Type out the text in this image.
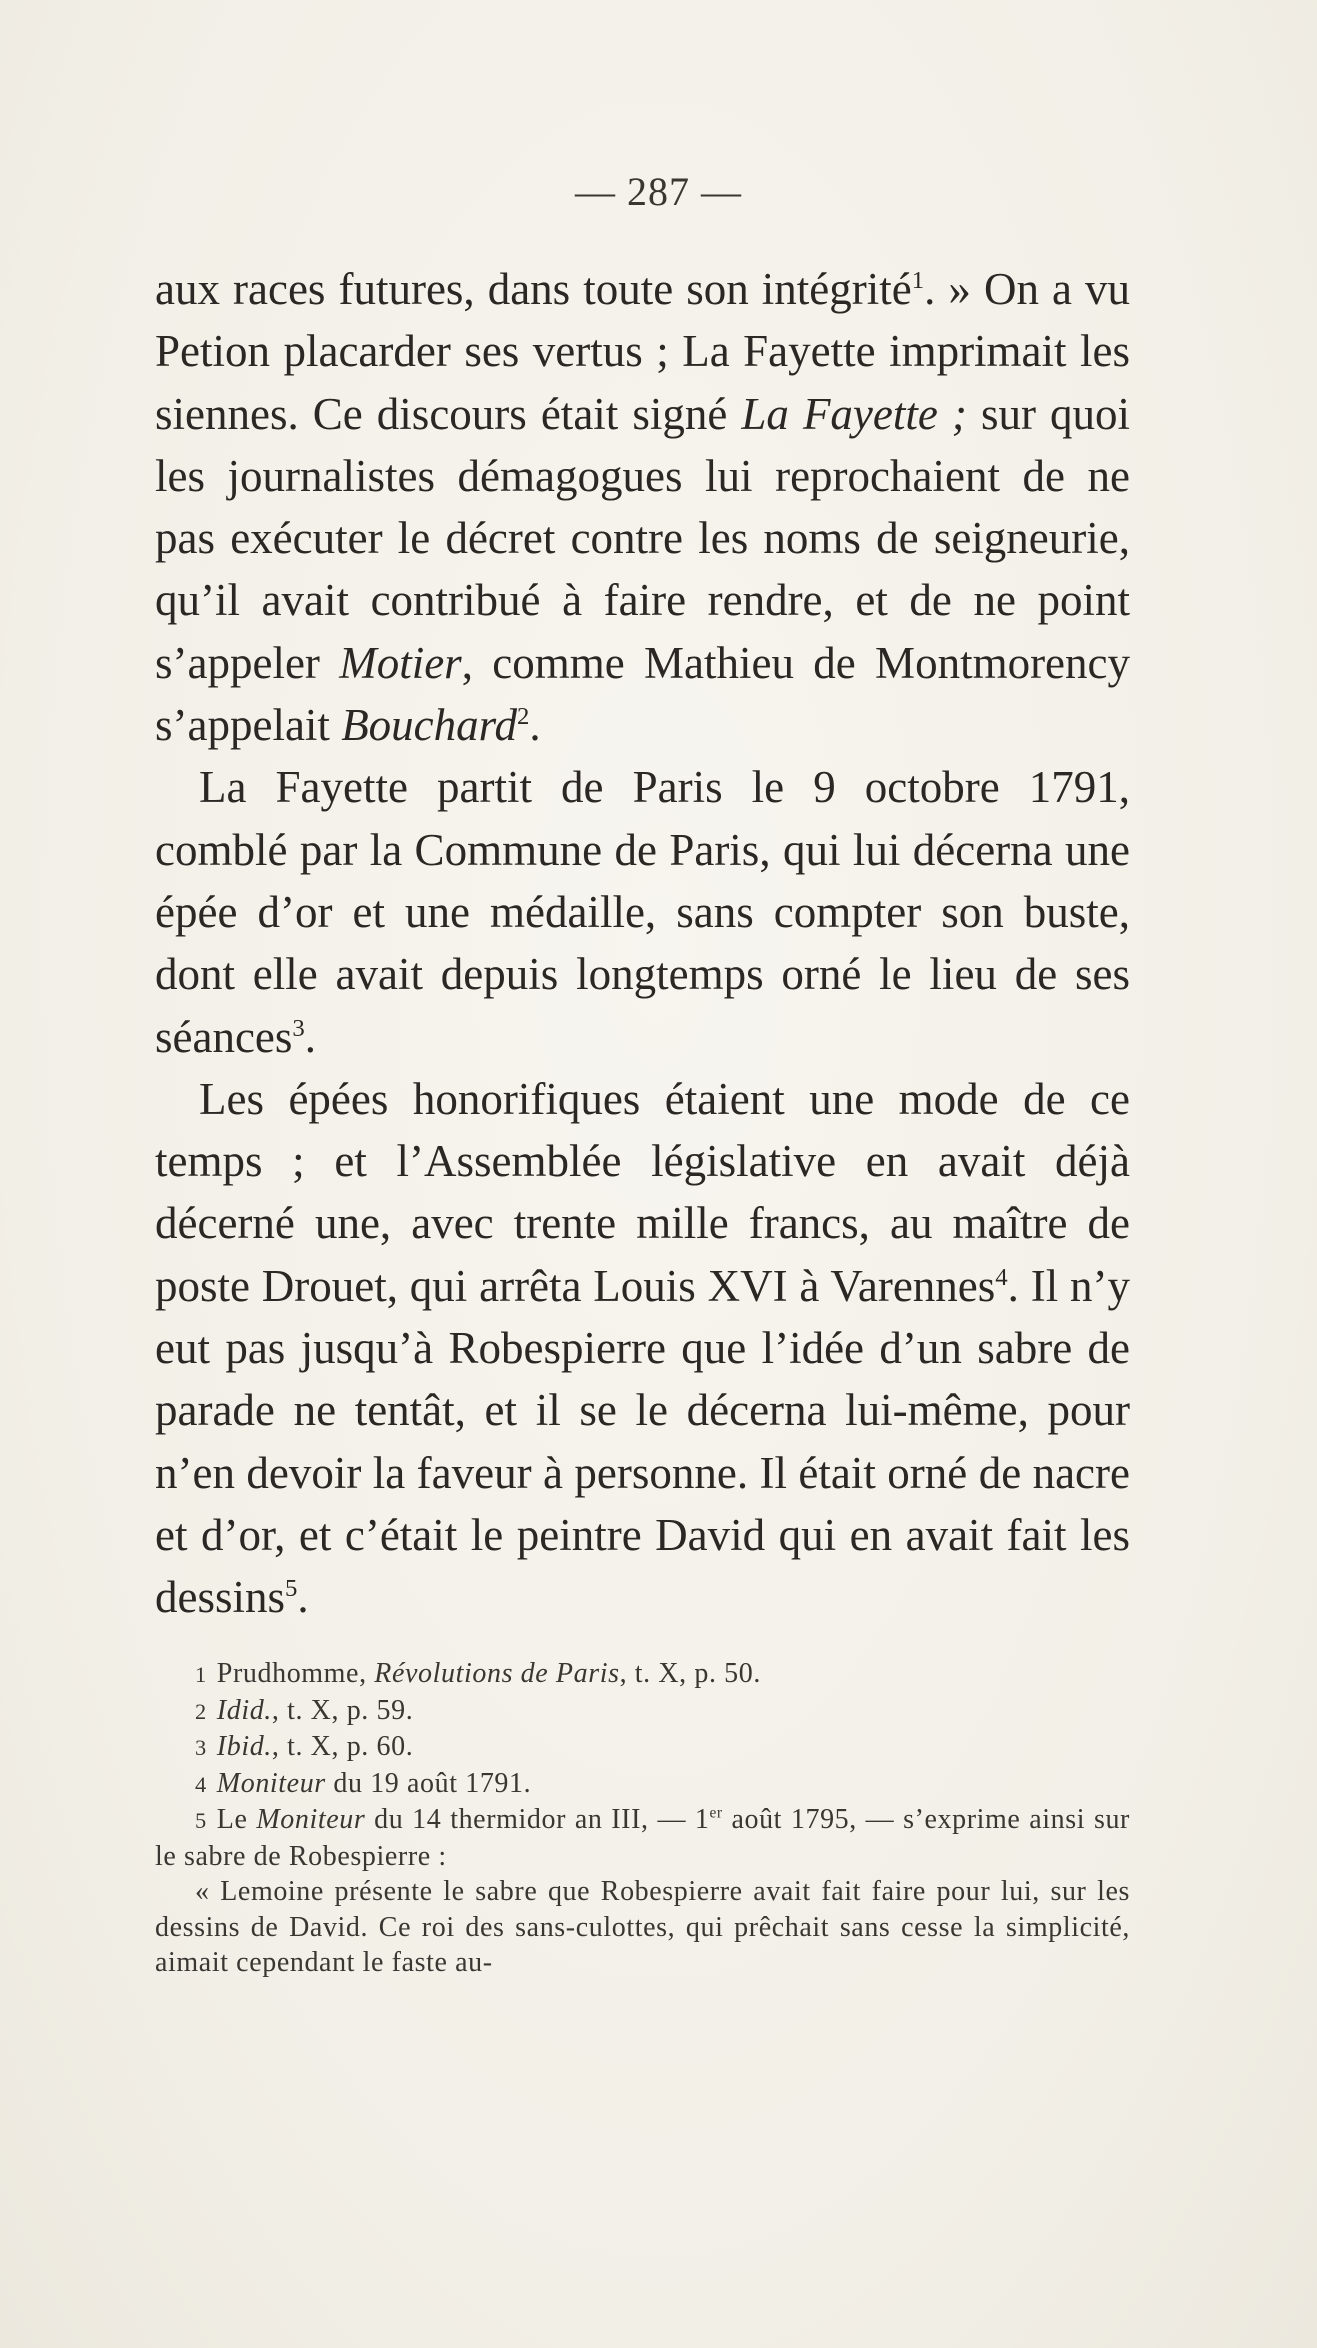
— 287 —

aux races futures, dans toute son intégrité$^1$. » On a vu Petion placarder ses vertus ; La Fayette imprimait les siennes. Ce discours était signé La Fayette ; sur quoi les journalistes démagogues lui reprochaient de ne pas exécuter le décret contre les noms de seigneurie, qu’il avait contribué à faire rendre, et de ne point s’appeler Motier, comme Mathieu de Montmorency s’appelait Bouchard$^2$.

La Fayette partit de Paris le 9 octobre 1791, comblé par la Commune de Paris, qui lui décerna une épée d’or et une médaille, sans compter son buste, dont elle avait depuis longtemps orné le lieu de ses séances$^3$.

Les épées honorifiques étaient une mode de ce temps ; et l’Assemblée législative en avait déjà décerné une, avec trente mille francs, au maître de poste Drouet, qui arrêta Louis XVI à Varennes$^4$. Il n’y eut pas jusqu’à Robespierre que l’idée d’un sabre de parade ne tentât, et il se le décerna lui-même, pour n’en devoir la faveur à personne. Il était orné de nacre et d’or, et c’était le peintre David qui en avait fait les dessins$^5$.

1 Prudhomme, Révolutions de Paris, t. X, p. 50.

2 Idid., t. X, p. 59.

3 Ibid., t. X, p. 60.

4 Moniteur du 19 août 1791.

5 Le Moniteur du 14 thermidor an III, — 1er août 1795, — s’exprime ainsi sur le sabre de Robespierre :

« Lemoine présente le sabre que Robespierre avait fait faire pour lui, sur les dessins de David. Ce roi des sans-culottes, qui prêchait sans cesse la simplicité, aimait cependant le faste au-
